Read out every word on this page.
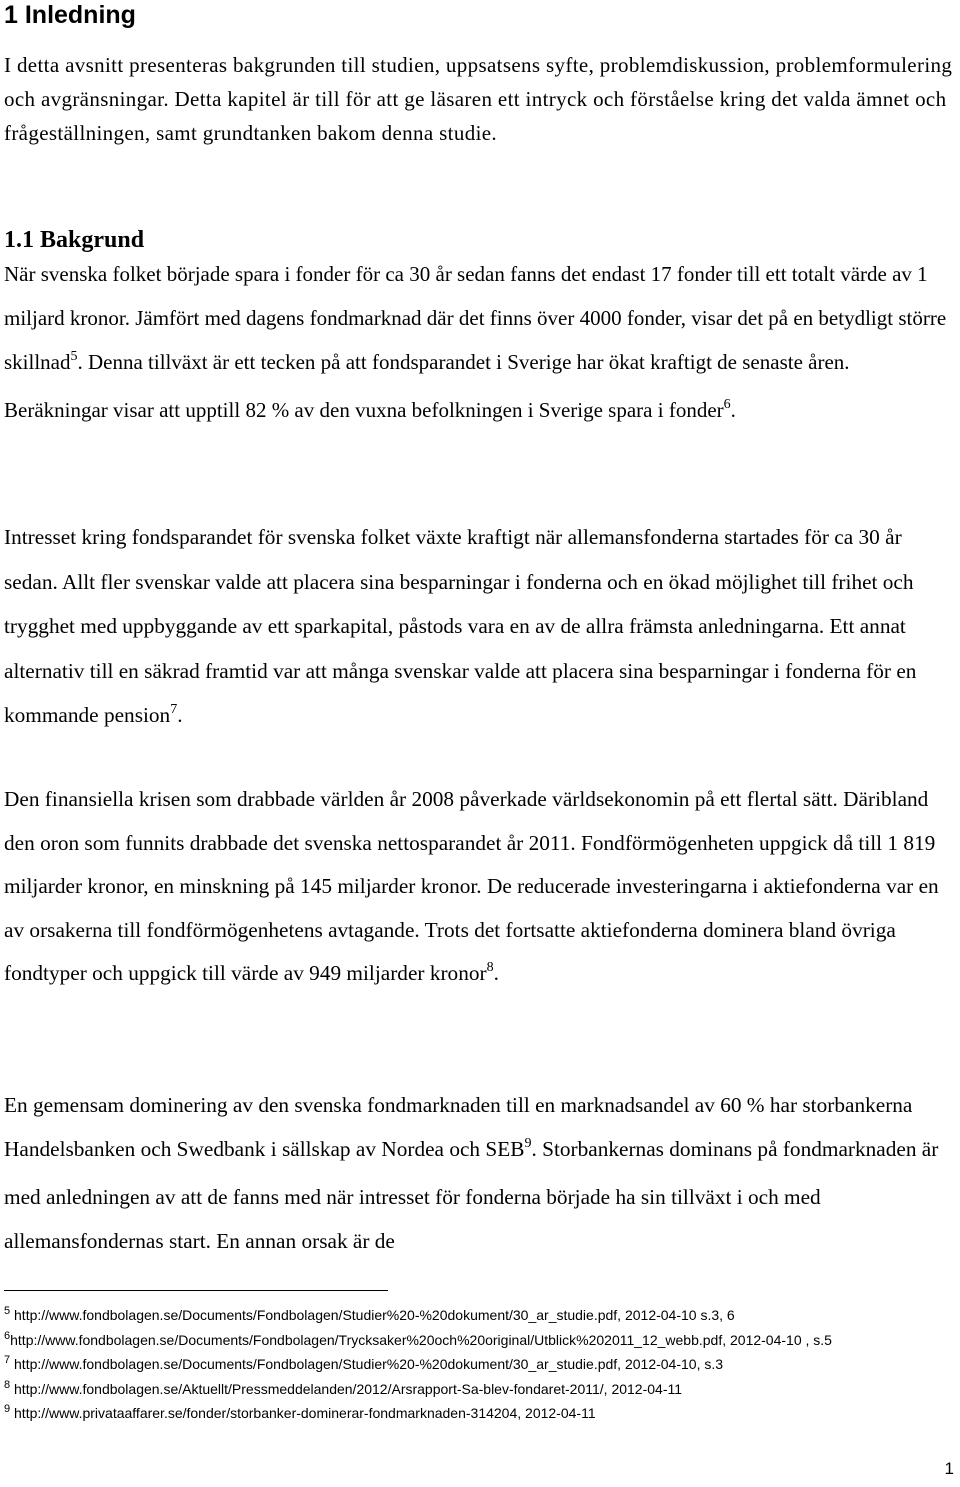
1 Inledning

I detta avsnitt presenteras bakgrunden till studien, uppsatsens syfte, problemdiskussion, problemformulering och avgränsningar. Detta kapitel är till för att ge läsaren ett intryck och förståelse kring det valda ämnet och frågeställningen, samt grundtanken bakom denna studie.

1.1 Bakgrund

När svenska folket började spara i fonder för ca 30 år sedan fanns det endast 17 fonder till ett totalt värde av 1 miljard kronor. Jämfört med dagens fondmarknad där det finns över 4000 fonder, visar det på en betydligt större skillnad$^5$. Denna tillväxt är ett tecken på att fondsparandet i Sverige har ökat kraftigt de senaste åren. Beräkningar visar att upptill 82 % av den vuxna befolkningen i Sverige spara i fonder$^6$.

Intresset kring fondsparandet för svenska folket växte kraftigt när allemansfonderna startades för ca 30 år sedan. Allt fler svenskar valde att placera sina besparningar i fonderna och en ökad möjlighet till frihet och trygghet med uppbyggande av ett sparkapital, påstods vara en av de allra främsta anledningarna. Ett annat alternativ till en säkrad framtid var att många svenskar valde att placera sina besparningar i fonderna för en kommande pension$^7$.

Den finansiella krisen som drabbade världen år 2008 påverkade världsekonomin på ett flertal sätt. Däribland den oron som funnits drabbade det svenska nettosparandet år 2011. Fondförmögenheten uppgick då till 1 819 miljarder kronor, en minskning på 145 miljarder kronor. De reducerade investeringarna i aktiefonderna var en av orsakerna till fondförmögenhetens avtagande. Trots det fortsatte aktiefonderna dominera bland övriga fondtyper och uppgick till värde av 949 miljarder kronor$^8$.

En gemensam dominering av den svenska fondmarknaden till en marknadsandel av 60 % har storbankerna Handelsbanken och Swedbank i sällskap av Nordea och SEB$^9$. Storbankernas dominans på fondmarknaden är med anledningen av att de fanns med när intresset för fonderna började ha sin tillväxt i och med allemansfondernas start. En annan orsak är de

$^5$ http://www.fondbolagen.se/Documents/Fondbolagen/Studier%20-%20dokument/30_ar_studie.pdf, 2012-04-10 s.3, 6
$^6$http://www.fondbolagen.se/Documents/Fondbolagen/Trycksaker%20och%20original/Utblick%202011_12_webb.pdf, 2012-04-10 , s.5
$^7$ http://www.fondbolagen.se/Documents/Fondbolagen/Studier%20-%20dokument/30_ar_studie.pdf, 2012-04-10, s.3
$^8$ http://www.fondbolagen.se/Aktuellt/Pressmeddelanden/2012/Arsrapport-Sa-blev-fondaret-2011/, 2012-04-11
$^9$ http://www.privataaffarer.se/fonder/storbanker-dominerar-fondmarknaden-314204, 2012-04-11
1
